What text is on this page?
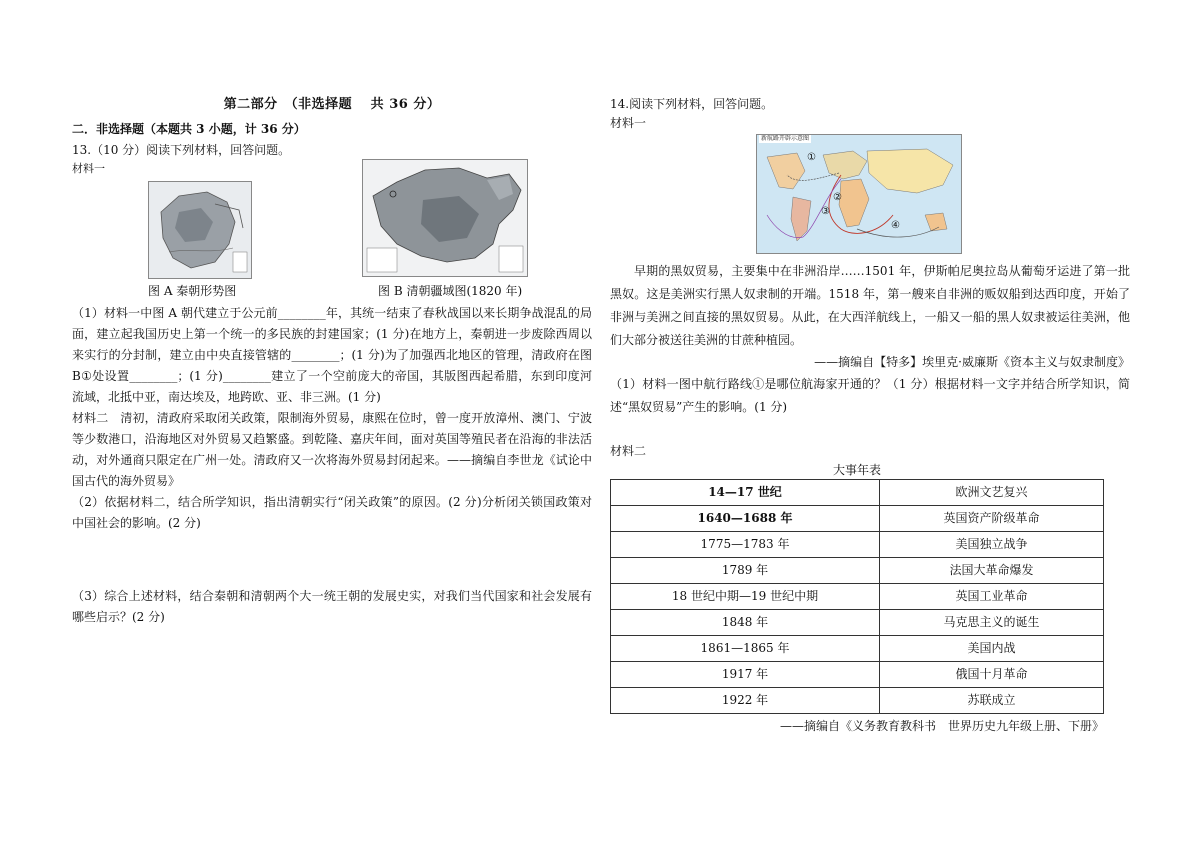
第二部分　（非选择题　 共 36 分）

二．非选择题（本题共 3 小题，计 36 分）

13.（10 分）阅读下列材料，回答问题。

材料一

图 A 秦朝形势图	图 B 清朝疆域图(1820 年)

（1）材料一中图 A 朝代建立于公元前________年，其统一结束了春秋战国以来长期争战混乱的局面，建立起我国历史上第一个统一的多民族的封建国家；(1 分)在地方上，秦朝进一步废除西周以来实行的分封制，建立由中央直接管辖的________；(1 分)为了加强西北地区的管理，清政府在图B①处设置________；(1 分)________建立了一个空前庞大的帝国，其版图西起希腊，东到印度河流域，北抵中亚，南达埃及，地跨欧、亚、非三洲。(1 分)

材料二　清初，清政府采取闭关政策，限制海外贸易，康熙在位时，曾一度开放漳州、澳门、宁波等少数港口，沿海地区对外贸易又趋繁盛。到乾隆、嘉庆年间，面对英国等殖民者在沿海的非法活动，对外通商只限定在广州一处。清政府又一次将海外贸易封闭起来。——摘编自李世龙《试论中国古代的海外贸易》

（2）依据材料二，结合所学知识，指出清朝实行“闭关政策”的原因。(2 分)分析闭关锁国政策对中国社会的影响。(2 分)

（3）综合上述材料，结合秦朝和清朝两个大一统王朝的发展史实，对我们当代国家和社会发展有哪些启示？(2 分)

14.阅读下列材料，回答问题。

材料一

新航路开辟示意图
①
②
③
④

早期的黑奴贸易，主要集中在非洲沿岸……1501 年，伊斯帕尼奥拉岛从葡萄牙运进了第一批黑奴。这是美洲实行黑人奴隶制的开端。1518 年，第一艘来自非洲的贩奴船到达西印度，开始了非洲与美洲之间直接的黑奴贸易。从此，在大西洋航线上，一船又一船的黑人奴隶被运往美洲，他们大部分被送往美洲的甘蔗种植园。

——摘编自【特多】埃里克·威廉斯《资本主义与奴隶制度》

（1）材料一图中航行路线①是哪位航海家开通的？（1 分）根据材料一文字并结合所学知识，简述“黑奴贸易”产生的影响。(1 分)

材料二

大事年表
14—17 世纪	欧洲文艺复兴
1640—1688 年	英国资产阶级革命
1775—1783 年	美国独立战争
1789 年	法国大革命爆发
18 世纪中期—19 世纪中期	英国工业革命
1848 年	马克思主义的诞生
1861—1865 年	美国内战
1917 年	俄国十月革命
1922 年	苏联成立

——摘编自《义务教育教科书　世界历史九年级上册、下册》
